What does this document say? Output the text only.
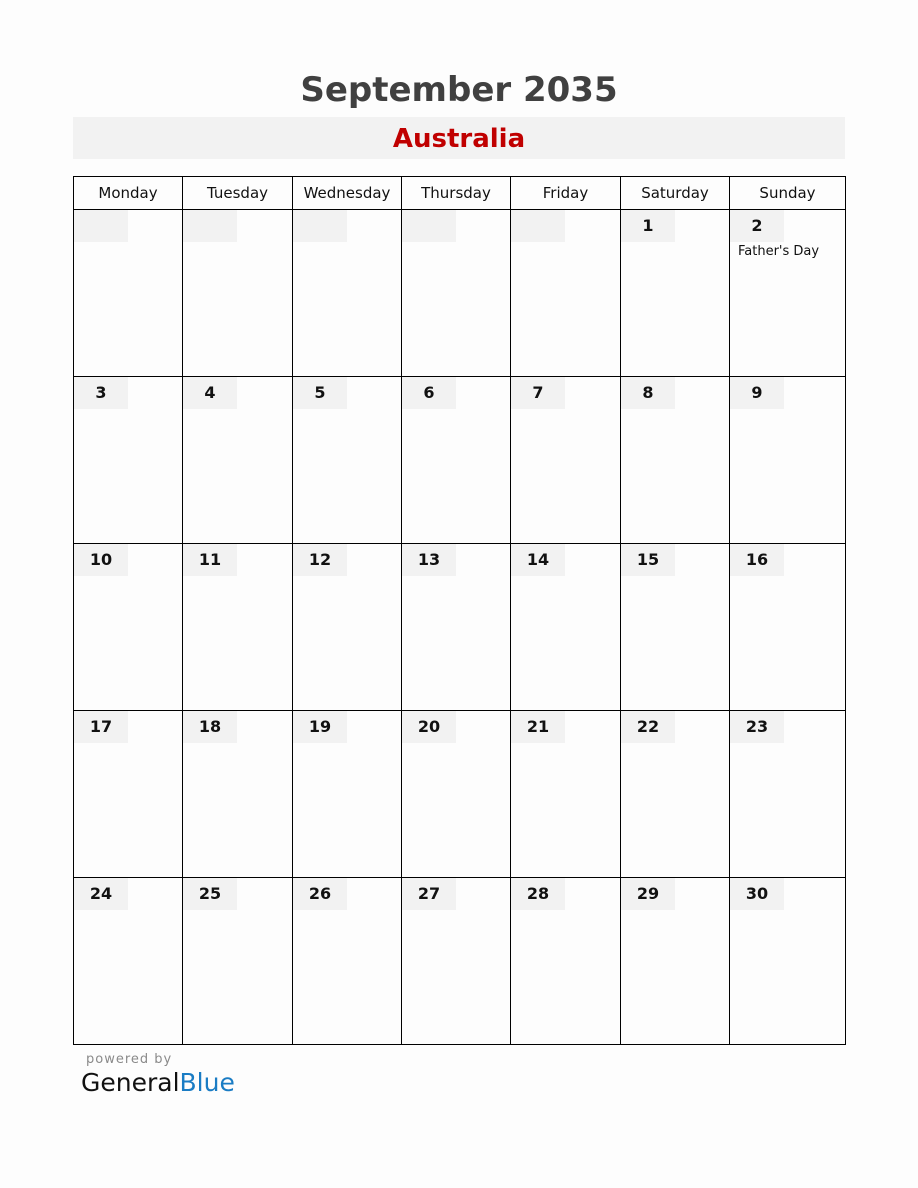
September 2035
Australia
Monday	Tuesday	Wednesday	Thursday	Friday	Saturday	Sunday

					1	2
Father's Day

3	4	5	6	7	8	9

10	11	12	13	14	15	16

17	18	19	20	21	22	23

24	25	26	27	28	29	30
powered by
GeneralBlue
